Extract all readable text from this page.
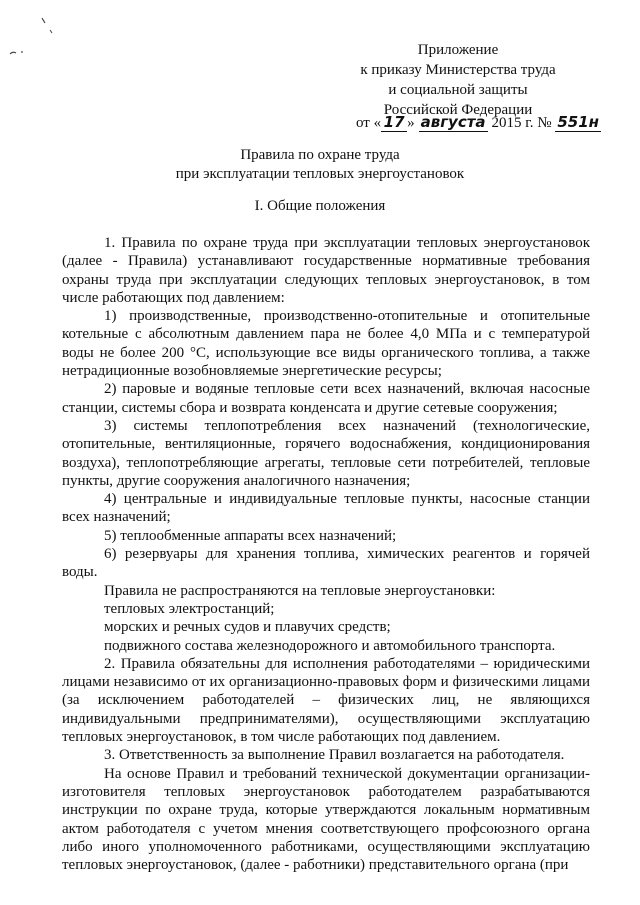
Приложение
к приказу Министерства труда
и социальной защиты
Российской Федерации
от « 17 » августа 2015 г. № 551н
Правила по охране труда
при эксплуатации тепловых энергоустановок
I. Общие положения

1. Правила по охране труда при эксплуатации тепловых энергоустановок (далее - Правила) устанавливают государственные нормативные требования охраны труда при эксплуатации следующих тепловых энергоустановок, в том числе работающих под давлением:

1) производственные, производственно-отопительные и отопительные котельные с абсолютным давлением пара не более 4,0 МПа и с температурой воды не более 200 °С, использующие все виды органического топлива, а также нетрадиционные возобновляемые энергетические ресурсы;

2) паровые и водяные тепловые сети всех назначений, включая насосные станции, системы сбора и возврата конденсата и другие сетевые сооружения;

3) системы теплопотребления всех назначений (технологические, отопительные, вентиляционные, горячего водоснабжения, кондиционирования воздуха), теплопотребляющие агрегаты, тепловые сети потребителей, тепловые пункты, другие сооружения аналогичного назначения;

4) центральные и индивидуальные тепловые пункты, насосные станции всех назначений;

5) теплообменные аппараты всех назначений;

6) резервуары для хранения топлива, химических реагентов и горячей воды.

Правила не распространяются на тепловые энергоустановки:

тепловых электростанций;

морских и речных судов и плавучих средств;

подвижного состава железнодорожного и автомобильного транспорта.

2. Правила обязательны для исполнения работодателями – юридическими лицами независимо от их организационно-правовых форм и физическими лицами (за исключением работодателей – физических лиц, не являющихся индивидуальными предпринимателями), осуществляющими эксплуатацию тепловых энергоустановок, в том числе работающих под давлением.

3. Ответственность за выполнение Правил возлагается на работодателя.

На основе Правил и требований технической документации организации-изготовителя тепловых энергоустановок работодателем разрабатываются инструкции по охране труда, которые утверждаются локальным нормативным актом работодателя с учетом мнения соответствующего профсоюзного органа либо иного уполномоченного работниками, осуществляющими эксплуатацию тепловых энергоустановок, (далее - работники) представительного органа (при
